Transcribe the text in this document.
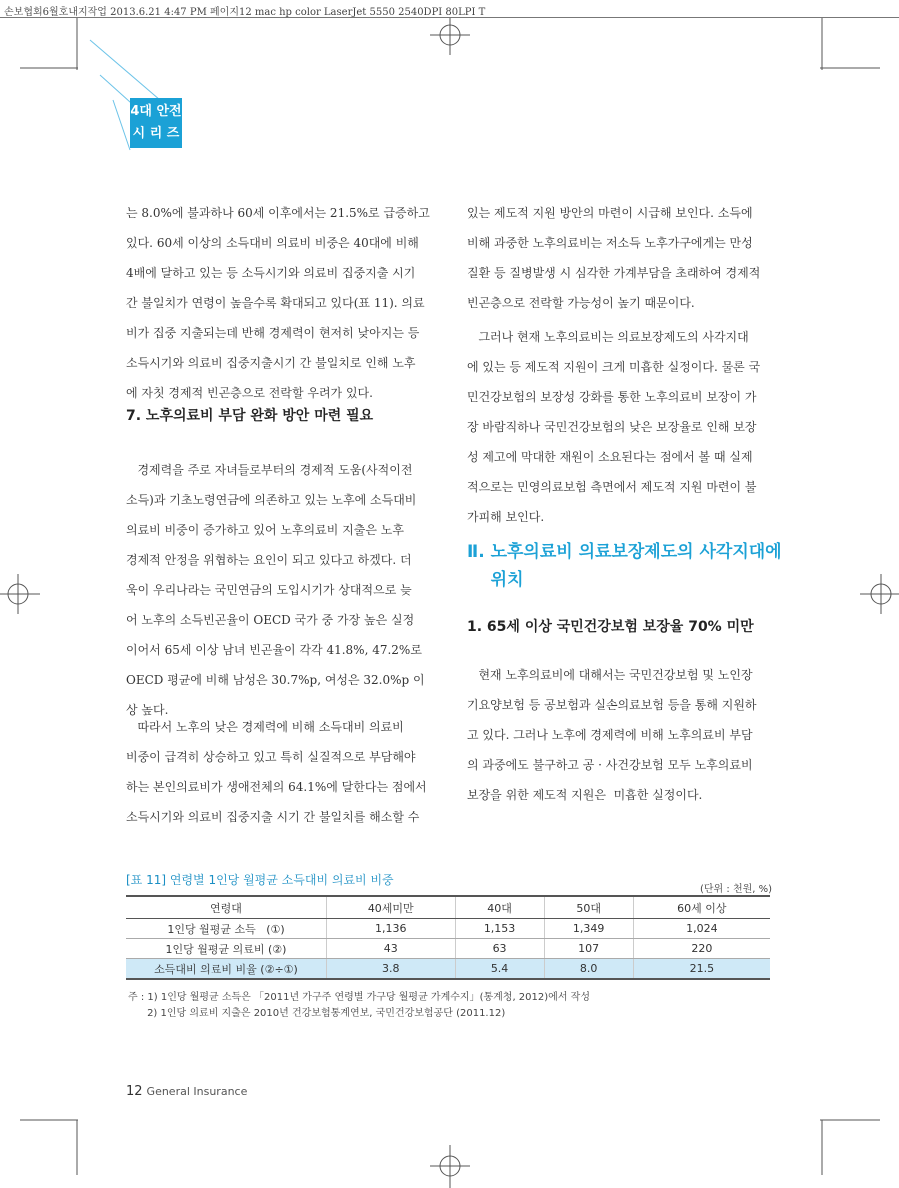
손보협회6월호내지작업 2013.6.21 4:47 PM 페이지12 mac hp color LaserJet 5550 2540DPI 80LPI T
4대 안전
시 리 즈
는 8.0%에 불과하나 60세 이후에서는 21.5%로 급증하고
있다. 60세 이상의 소득대비 의료비 비중은 40대에 비해
4배에 달하고 있는 등 소득시기와 의료비 집중지출 시기
간 불일치가 연령이 높을수록 확대되고 있다(표 11). 의료
비가 집중 지출되는데 반해 경제력이 현저히 낮아지는 등
소득시기와 의료비 집중지출시기 간 불일치로 인해 노후
에 자칫 경제적 빈곤층으로 전락할 우려가 있다.
7. 노후의료비 부담 완화 방안 마련 필요
경제력을 주로 자녀들로부터의 경제적 도움(사적이전
소득)과 기초노령연금에 의존하고 있는 노후에 소득대비
의료비 비중이 증가하고 있어 노후의료비 지출은 노후
경제적 안정을 위협하는 요인이 되고 있다고 하겠다. 더
욱이 우리나라는 국민연금의 도입시기가 상대적으로 늦
어 노후의 소득빈곤율이 OECD 국가 중 가장 높은 실정
이어서 65세 이상 남녀 빈곤율이 각각 41.8%, 47.2%로
OECD 평균에 비해 남성은 30.7%p, 여성은 32.0%p 이
상 높다.
따라서 노후의 낮은 경제력에 비해 소득대비 의료비
비중이 급격히 상승하고 있고 특히 실질적으로 부담해야
하는 본인의료비가 생애전체의 64.1%에 달한다는 점에서
소득시기와 의료비 집중지출 시기 간 불일치를 해소할 수
있는 제도적 지원 방안의 마련이 시급해 보인다. 소득에
비해 과중한 노후의료비는 저소득 노후가구에게는 만성
질환 등 질병발생 시 심각한 가계부담을 초래하여 경제적
빈곤층으로 전락할 가능성이 높기 때문이다.
그러나 현재 노후의료비는 의료보장제도의 사각지대
에 있는 등 제도적 지원이 크게 미흡한 실정이다. 물론 국
민건강보험의 보장성 강화를 통한 노후의료비 보장이 가
장 바람직하나 국민건강보험의 낮은 보장율로 인해 보장
성 제고에 막대한 재원이 소요된다는 점에서 볼 때 실제
적으로는 민영의료보험 측면에서 제도적 지원 마련이 불
가피해 보인다.
Ⅱ. 노후의료비 의료보장제도의 사각지대에
위치
1. 65세 이상 국민건강보험 보장율 70% 미만
현재 노후의료비에 대해서는 국민건강보험 및 노인장
기요양보험 등 공보험과 실손의료보험 등을 통해 지원하
고 있다. 그러나 노후에 경제력에 비해 노후의료비 부담
의 과중에도 불구하고 공 · 사건강보험 모두 노후의료비
보장을 위한 제도적 지원은  미흡한 실정이다.
[표 11] 연령별 1인당 월평균 소득대비 의료비 비중
(단위 : 천원, %)
연령대	40세미만	40대	50대	60세 이상
1인당 월평균 소득   (①)	1,136	1,153	1,349	1,024
1인당 월평균 의료비 (②)	43	63	107	220
소득대비 의료비 비율 (②÷①)	3.8	5.4	8.0	21.5
주 : 1) 1인당 월평균 소득은 「2011년 가구주 연령별 가구당 월평균 가계수지」(통계청, 2012)에서 작성
2) 1인당 의료비 지출은 2010년 건강보험통계연보, 국민건강보험공단 (2011.12)
12 General Insurance
